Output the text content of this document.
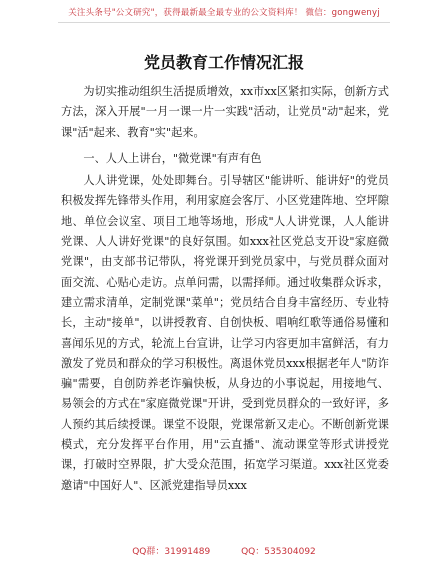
关注头条号"公文研究"，获得最新最全最专业的公文资料库！ 微信：gongwenyj
党员教育工作情况汇报

为切实推动组织生活提质增效，xx市xx区紧扣实际，创新方式方法，深入开展"一月一课一片一实践"活动，让党员"动"起来，党课"活"起来、教育"实"起来。

一、人人上讲台，"微党课"有声有色

人人讲党课，处处即舞台。引导辖区"能讲听、能讲好"的党员积极发挥先锋带头作用，利用家庭会客厅、小区党建阵地、空坪隙地、单位会议室、项目工地等场地，形成"人人讲党课，人人能讲党课、人人讲好党课"的良好氛围。如xxx社区党总支开设"家庭微党课"，由支部书记带队，将党课开到党员家中，与党员群众面对面交流、心贴心走访。点单问需，以需择师。通过收集群众诉求，建立需求清单，定制党课"菜单"；党员结合自身丰富经历、专业特长，主动"接单"，以讲授教育、自创快板、唱响红歌等通俗易懂和喜闻乐见的方式，轮流上台宣讲，让学习内容更加丰富鲜活，有力激发了党员和群众的学习积极性。离退休党员xxx根据老年人"防诈骗"需要，自创防养老诈骗快板，从身边的小事说起，用接地气、易领会的方式在"家庭微党课"开讲，受到党员群众的一致好评，多人预约其后续授课。课堂不设限，党课常新又走心。不断创新党课模式，充分发挥平台作用，用"云直播"、流动课堂等形式讲授党课，打破时空界限，扩大受众范围，拓宽学习渠道。xxx社区党委邀请"中国好人"、区派党建指导员xxx

QQ群：31991489	QQ：535304092
